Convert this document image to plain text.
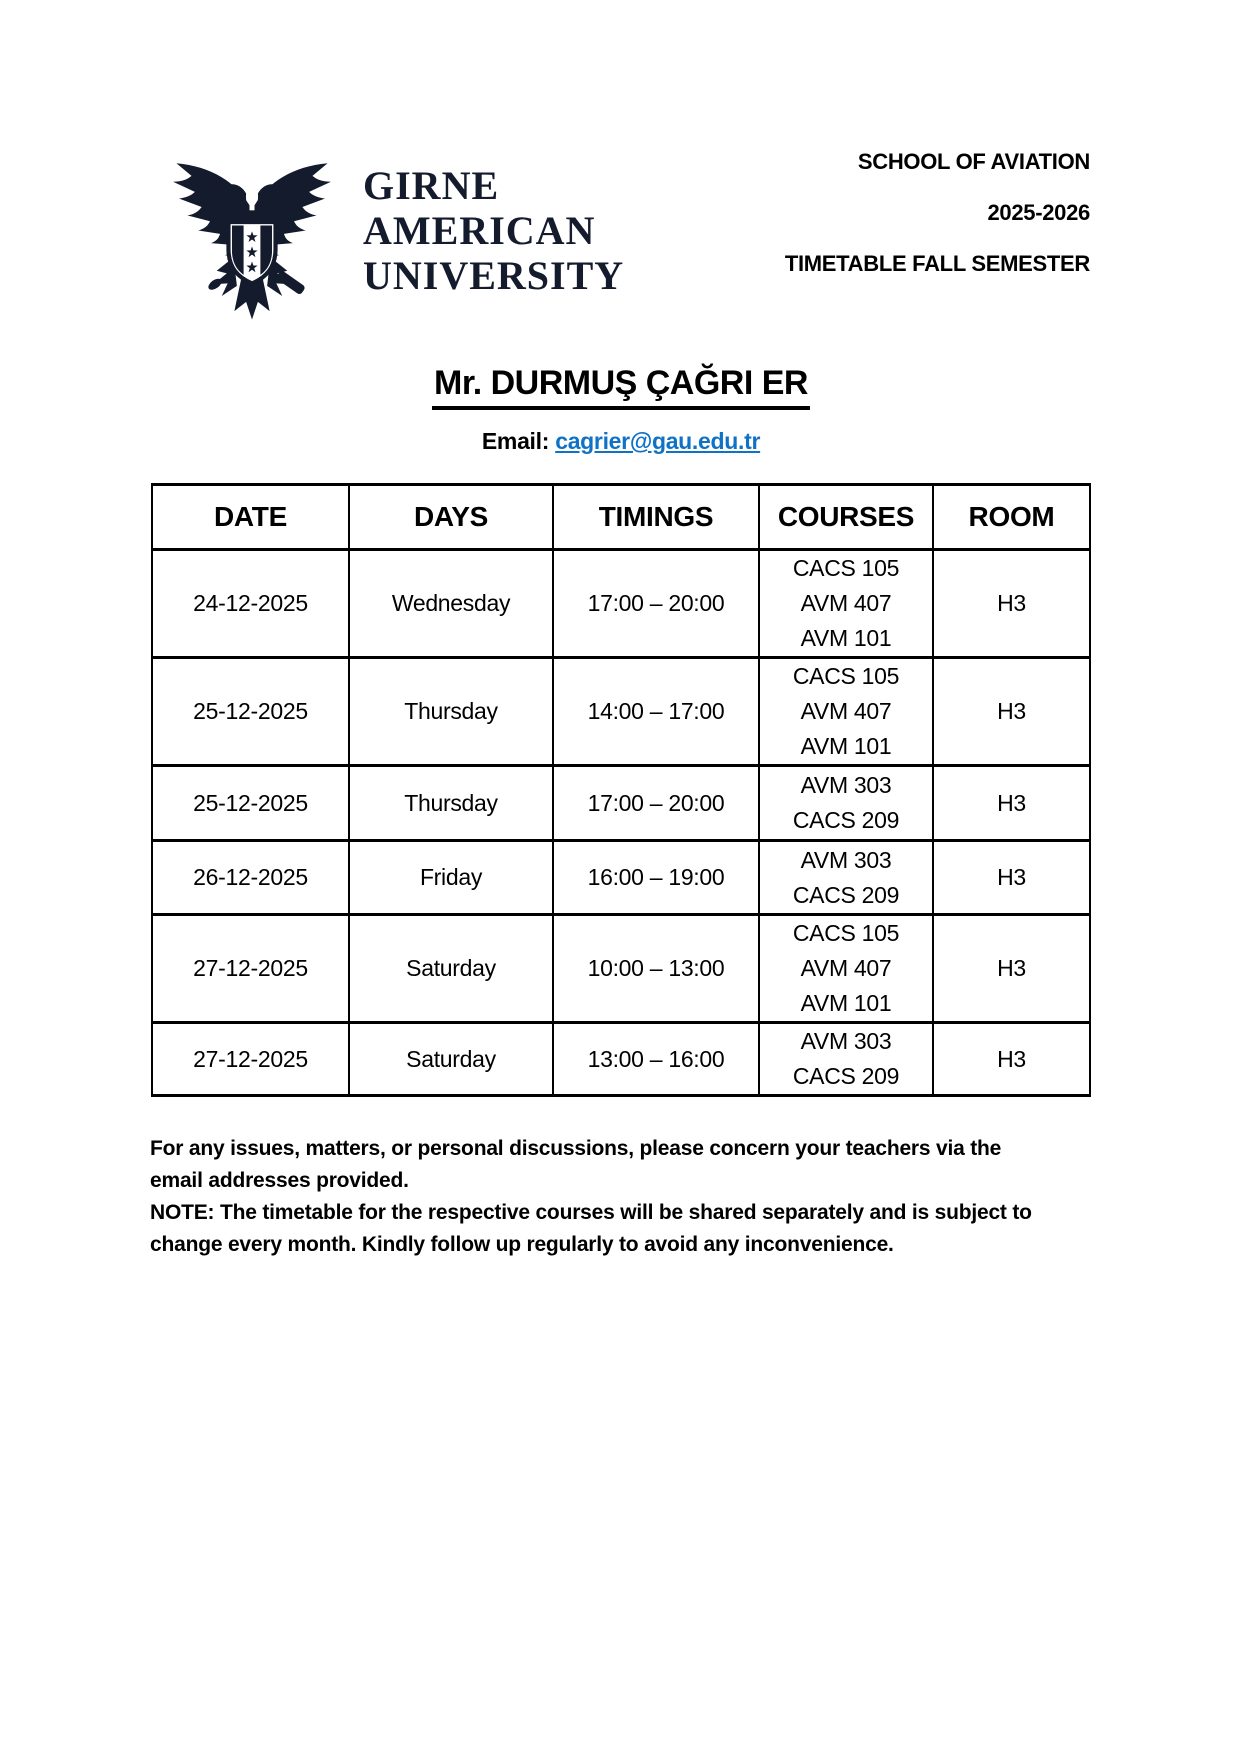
GIRNE
AMERICAN
UNIVERSITY
SCHOOL OF AVIATION
2025-2026
TIMETABLE FALL SEMESTER
Mr. DURMUŞ ÇAĞRI ER
Email: cagrier@gau.edu.tr
DATE	DAYS	TIMINGS	COURSES	ROOM
24-12-2025	Wednesday	17:00 – 20:00	CACS 105
AVM 407
AVM 101	H3
25-12-2025	Thursday	14:00 – 17:00	CACS 105
AVM 407
AVM 101	H3
25-12-2025	Thursday	17:00 – 20:00	AVM 303
CACS 209	H3
26-12-2025	Friday	16:00 – 19:00	AVM 303
CACS 209	H3
27-12-2025	Saturday	10:00 – 13:00	CACS 105
AVM 407
AVM 101	H3
27-12-2025	Saturday	13:00 – 16:00	AVM 303
CACS 209	H3
For any issues, matters, or personal discussions, please concern your teachers via the
email addresses provided.
NOTE: The timetable for the respective courses will be shared separately and is subject to
change every month. Kindly follow up regularly to avoid any inconvenience.
